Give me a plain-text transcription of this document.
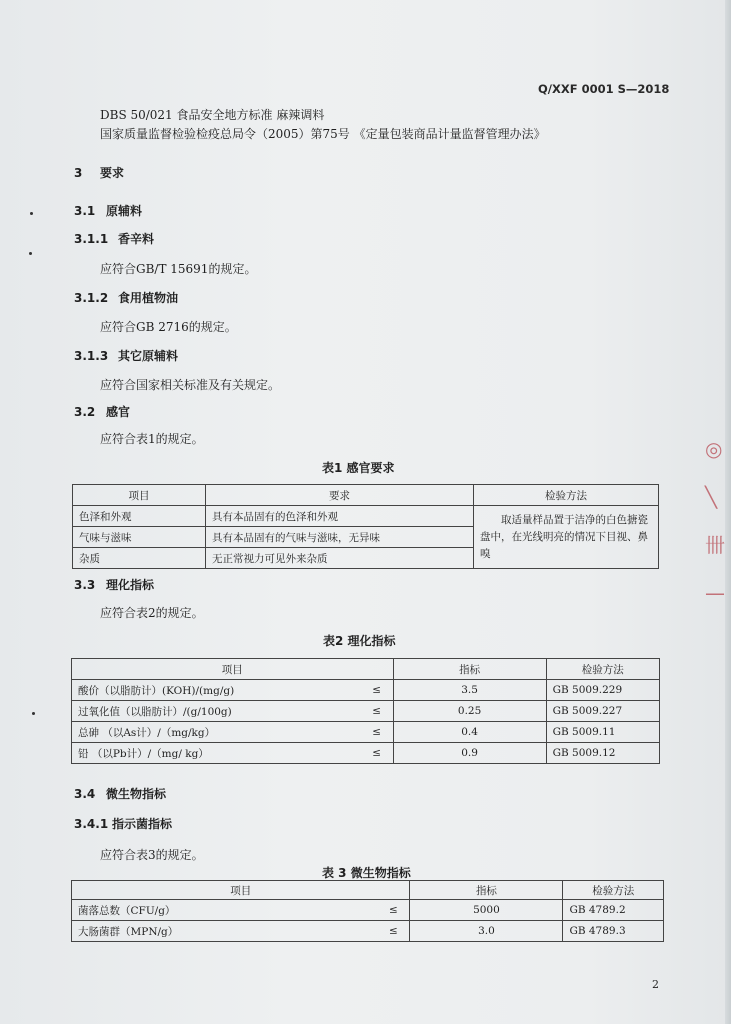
Q/XXF 0001 S—2018
DBS 50/021 食品安全地方标准 麻辣调料
国家质量监督检验检疫总局令（2005）第75号 《定量包装商品计量监督管理办法》
3 要求
3.1 原辅料
3.1.1 香辛料
应符合GB/T 15691的规定。
3.1.2 食用植物油
应符合GB 2716的规定。
3.1.3 其它原辅料
应符合国家相关标准及有关规定。
3.2 感官
应符合表1的规定。
表1 感官要求
项目	要求	检验方法
色泽和外观	具有本品固有的色泽和外观	取适量样品置于洁净的白色搪瓷盘中，在光线明亮的情况下目视、鼻嗅
气味与滋味	具有本品固有的气味与滋味，无异味	
杂质	无正常视力可见外来杂质	
3.3 理化指标
应符合表2的规定。
表2 理化指标
项目		指标	检验方法
酸价（以脂肪计）(KOH)/(mg/g)	≤	3.5	GB 5009.229
过氧化值（以脂肪计）/(g/100g)	≤	0.25	GB 5009.227
总砷 （以As计）/（mg/kg）	≤	0.4	GB 5009.11
铅 （以Pb计）/（mg/ kg）	≤	0.9	GB 5009.12
3.4 微生物指标
3.4.1 指示菌指标
应符合表3的规定。
表 3 微生物指标
项目		指标	检验方法
菌落总数（CFU/g）	≤	5000	GB 4789.2
大肠菌群（MPN/g）	≤	3.0	GB 4789.3
◎
╲
卌
—
2
